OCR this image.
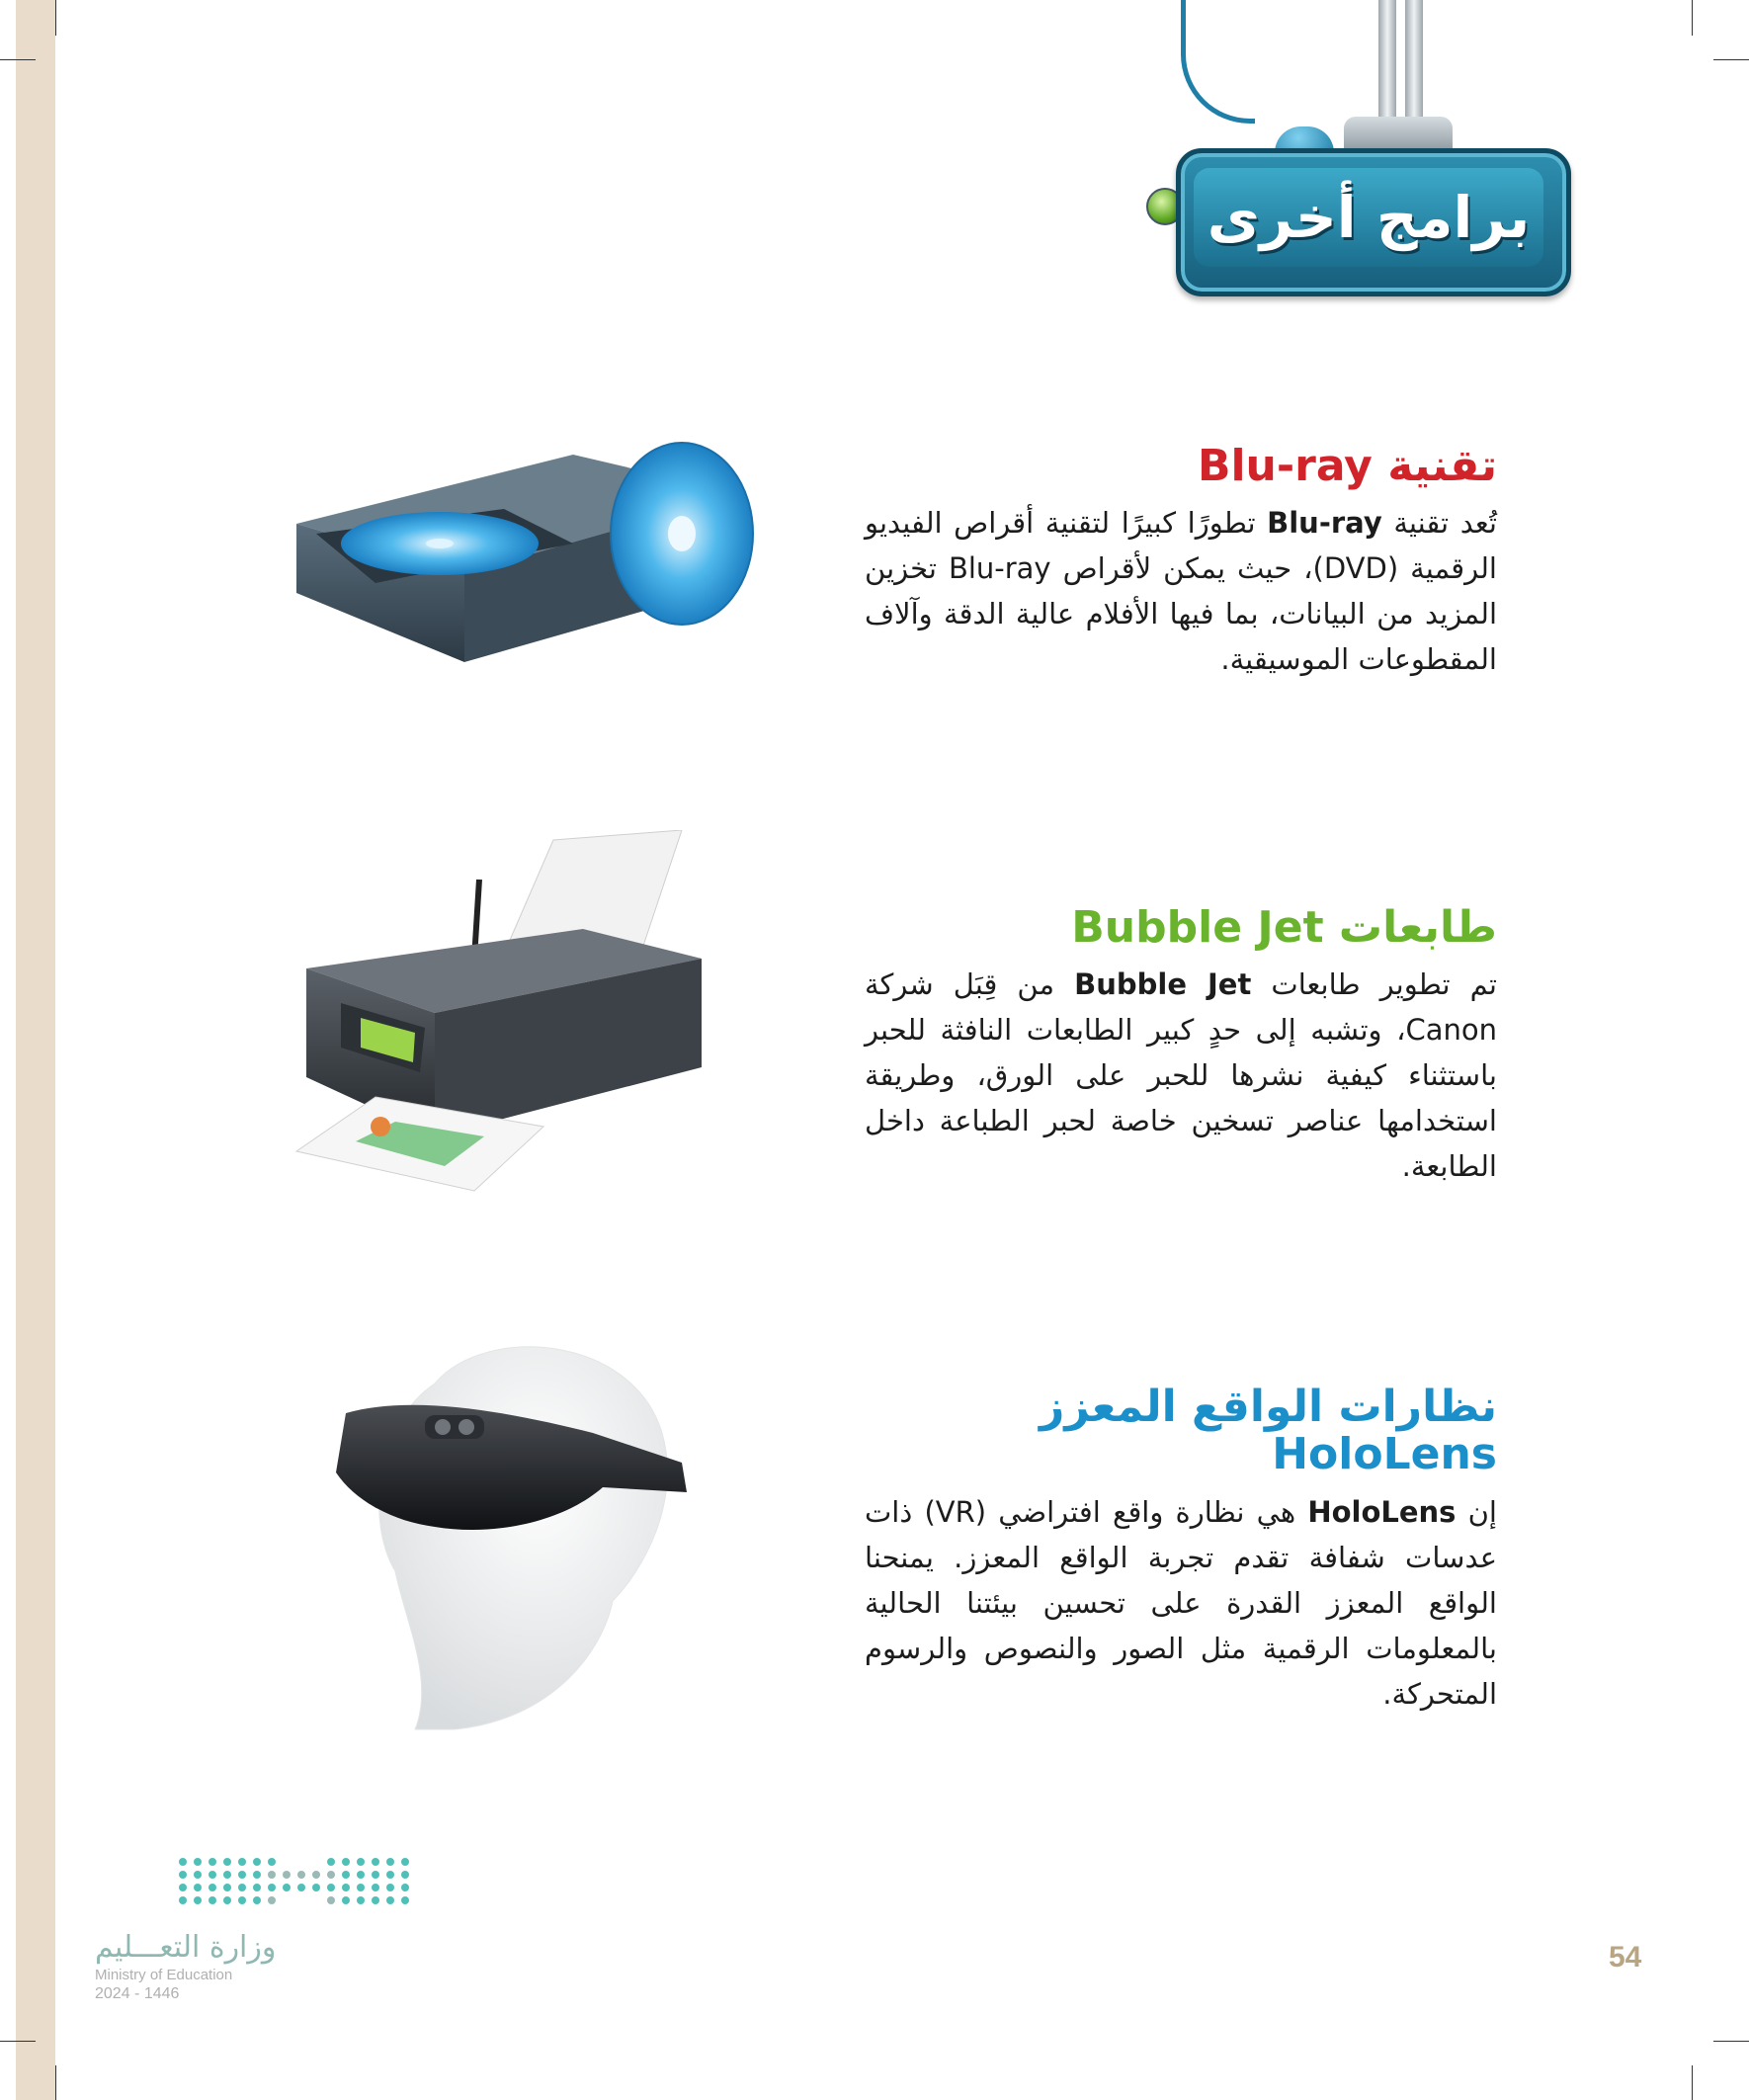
برامج أخرى
تقنية Blu-ray
تُعد تقنية Blu-ray تطورًا كبيرًا لتقنية أقراص الفيديو الرقمية (DVD)، حيث يمكن لأقراص Blu-ray تخزين المزيد من البيانات، بما فيها الأفلام عالية الدقة وآلاف المقطوعات الموسيقية.
طابعات Bubble Jet
تم تطوير طابعات Bubble Jet من قِبَل شركة Canon، وتشبه إلى حدٍ كبير الطابعات النافثة للحبر باستثناء كيفية نشرها للحبر على الورق، وطريقة استخدامها عناصر تسخين خاصة لحبر الطباعة داخل الطابعة.
نظارات الواقع المعزز HoloLens
إن HoloLens هي نظارة واقع افتراضي (VR) ذات عدسات شفافة تقدم تجربة الواقع المعزز. يمنحنا الواقع المعزز القدرة على تحسين بيئتنا الحالية بالمعلومات الرقمية مثل الصور والنصوص والرسوم المتحركة.
وزارة التعـــليم
Ministry of Education
2024 - 1446
54
